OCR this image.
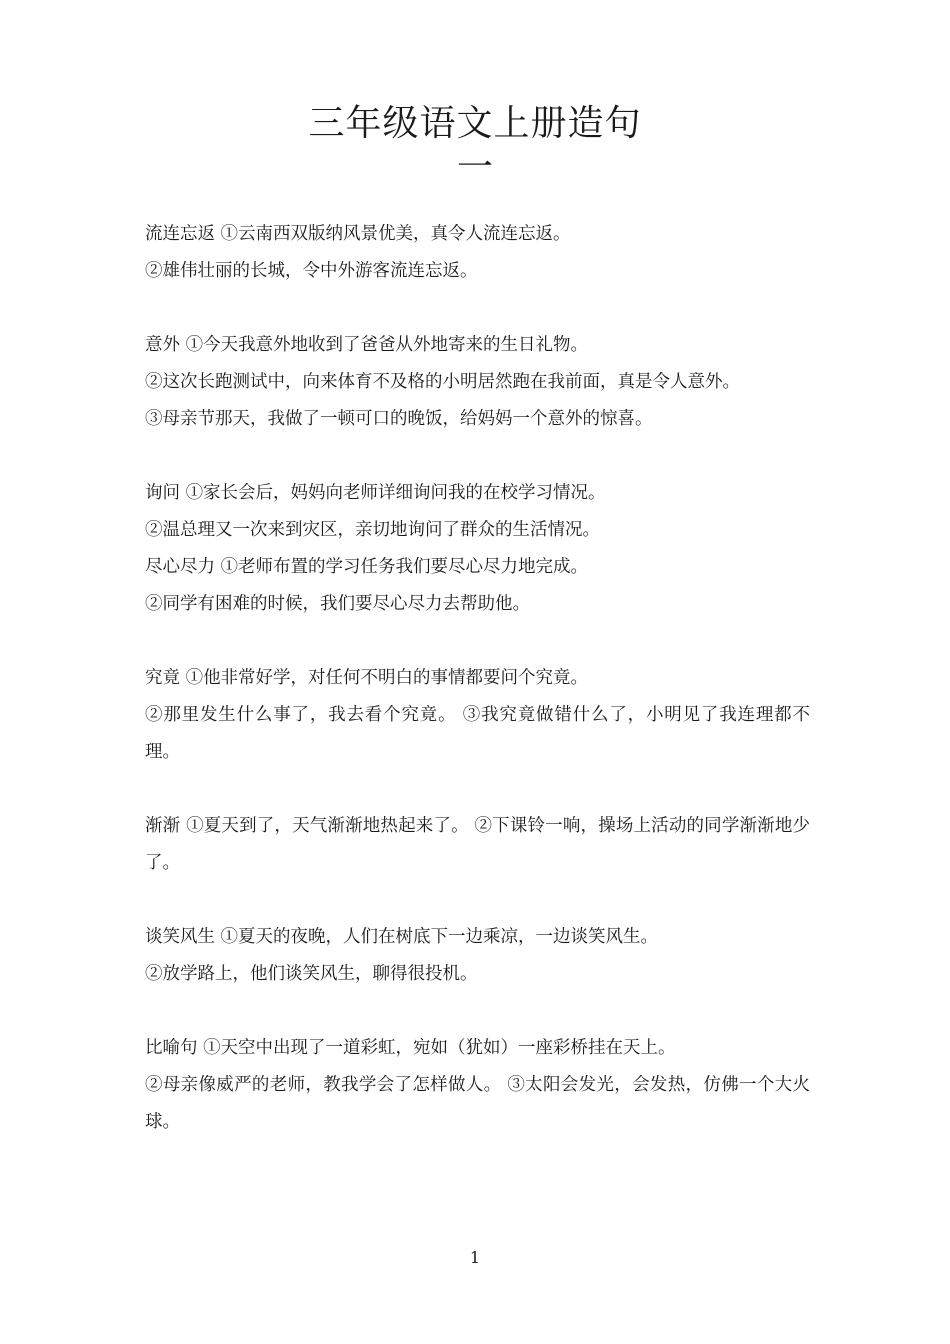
三年级语文上册造句
一
流连忘返 ①云南西双版纳风景优美，真令人流连忘返。
②雄伟壮丽的长城，令中外游客流连忘返。
意外 ①今天我意外地收到了爸爸从外地寄来的生日礼物。
②这次长跑测试中，向来体育不及格的小明居然跑在我前面，真是令人意外。
③母亲节那天，我做了一顿可口的晚饭，给妈妈一个意外的惊喜。
询问 ①家长会后，妈妈向老师详细询问我的在校学习情况。
②温总理又一次来到灾区，亲切地询问了群众的生活情况。
尽心尽力 ①老师布置的学习任务我们要尽心尽力地完成。
②同学有困难的时候，我们要尽心尽力去帮助他。
究竟 ①他非常好学，对任何不明白的事情都要问个究竟。
②那里发生什么事了，我去看个究竟。 ③我究竟做错什么了，小明见了我连理都不理。
渐渐 ①夏天到了，天气渐渐地热起来了。 ②下课铃一响，操场上活动的同学渐渐地少了。
谈笑风生 ①夏天的夜晚，人们在树底下一边乘凉，一边谈笑风生。
②放学路上，他们谈笑风生，聊得很投机。
比喻句 ①天空中出现了一道彩虹，宛如（犹如）一座彩桥挂在天上。
②母亲像威严的老师，教我学会了怎样做人。 ③太阳会发光，会发热，仿佛一个大火球。
1
